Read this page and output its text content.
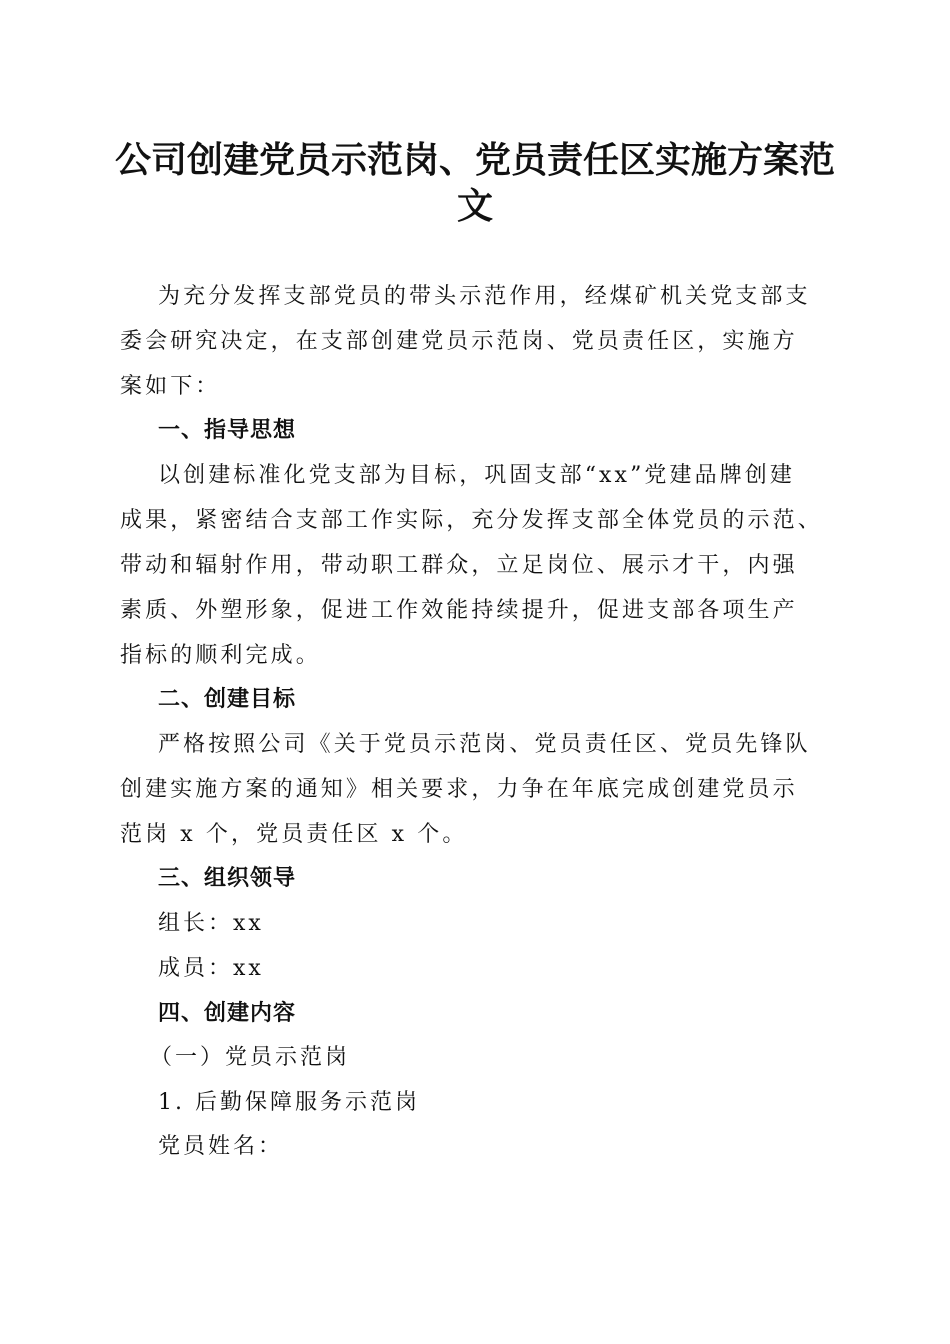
公司创建党员示范岗、党员责任区实施方案范
文
为充分发挥支部党员的带头示范作用，经煤矿机关党支部支
委会研究决定，在支部创建党员示范岗、党员责任区，实施方
案如下：

一、指导思想

以创建标准化党支部为目标，巩固支部“xx”党建品牌创建
成果，紧密结合支部工作实际，充分发挥支部全体党员的示范、
带动和辐射作用，带动职工群众，立足岗位、展示才干，内强
素质、外塑形象，促进工作效能持续提升，促进支部各项生产
指标的顺利完成。

二、创建目标

严格按照公司《关于党员示范岗、党员责任区、党员先锋队
创建实施方案的通知》相关要求，力争在年底完成创建党员示
范岗 x 个，党员责任区 x 个。

三、组织领导

组长：xx

成员：xx

四、创建内容

（一）党员示范岗

1. 后勤保障服务示范岗

党员姓名：
